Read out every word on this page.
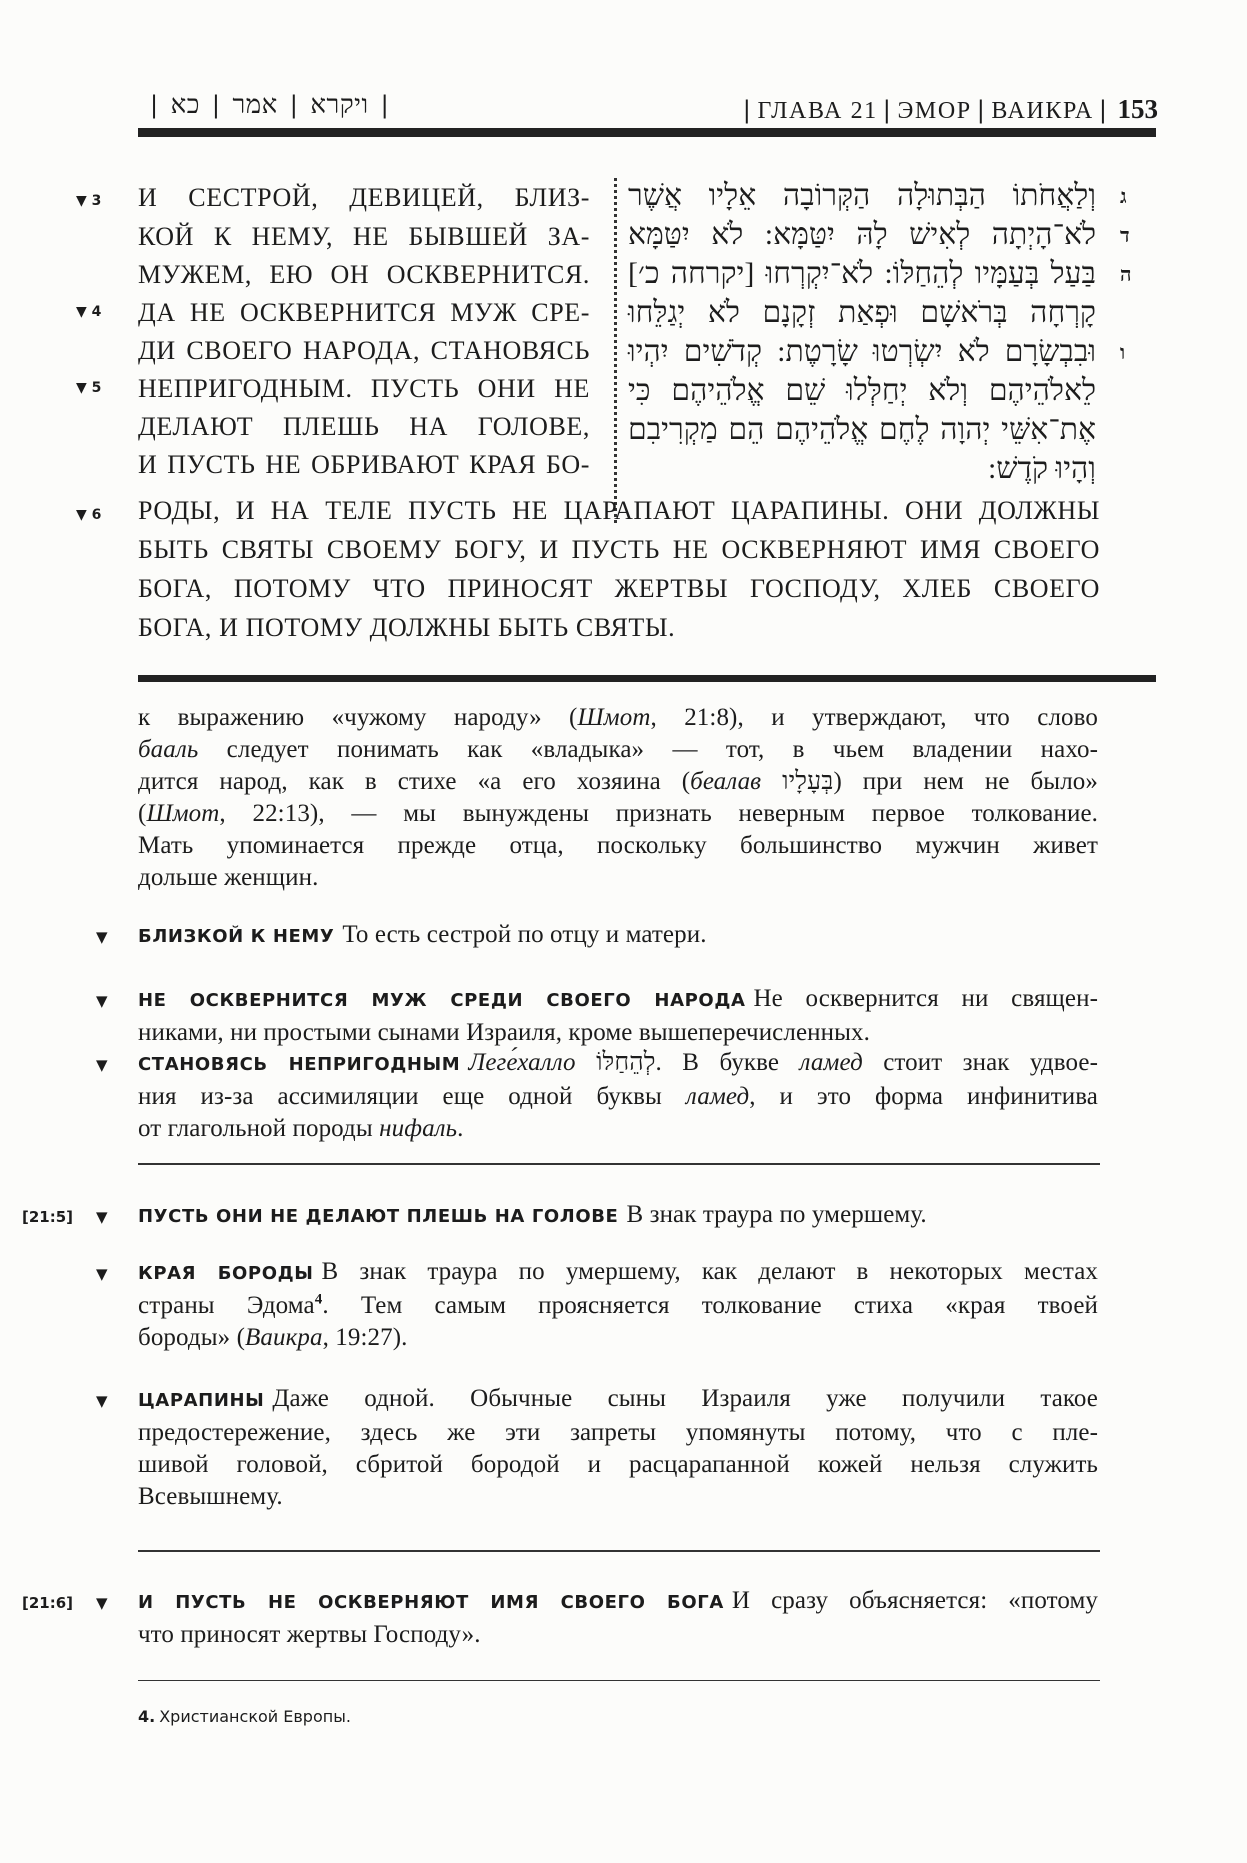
|ויקרא|אמר|כא|	| ГЛАВА 21 | ЭМОР | ВАИКРА | 153
▼ 3
▼ 4
▼ 5
▼ 6
И СЕСТРОЙ, ДЕВИЦЕЙ, БЛИЗ-
КОЙ К НЕМУ, НЕ БЫВШЕЙ ЗА-
МУЖЕМ, ЕЮ ОН ОСКВЕРНИТСЯ.
ДА НЕ ОСКВЕРНИТСЯ МУЖ СРЕ-
ДИ СВОЕГО НАРОДА, СТАНОВЯСЬ
НЕПРИГОДНЫМ. ПУСТЬ ОНИ НЕ
ДЕЛАЮТ ПЛЕШЬ НА ГОЛОВЕ,
И ПУСТЬ НЕ ОБРИВАЮТ КРАЯ БО-
וְלַאֲחֹתוֹ הַבְּתוּלָה הַקְּרוֹבָה אֵלָיו אֲשֶׁר
לֹא־הָיְתָה לְאִישׁ לָהּ יִטַּמָּא: לֹא יִטַּמָּא
בַּעַל בְּעַמָּיו לְהֵחַלּוֹ: לֹא־יִקְרְחוּ [יקרחה כ׳]
קָרְחָה בְּרֹאשָׁם וּפְאַת זְקָנָם לֹא יְגַלֵּחוּ
וּבִבְשָׂרָם לֹא יִשְׂרְטוּ שָׂרָטֶת: קְדֹשִׁים יִהְיוּ
לֵאלֹהֵיהֶם וְלֹא יְחַלְּלוּ שֵׁם אֱלֹהֵיהֶם כִּי
אֶת־אִשֵּׁי יְהוָה לֶחֶם אֱלֹהֵיהֶם הֵם מַקְרִיבִם
וְהָיוּ קֹדֶשׁ:
ג
ד
ה
ו
РОДЫ, И НА ТЕЛЕ ПУСТЬ НЕ ЦАРАПАЮТ ЦАРАПИНЫ. ОНИ ДОЛЖНЫ
БЫТЬ СВЯТЫ СВОЕМУ БОГУ, И ПУСТЬ НЕ ОСКВЕРНЯЮТ ИМЯ СВОЕГО
БОГА, ПОТОМУ ЧТО ПРИНОСЯТ ЖЕРТВЫ ГОСПОДУ, ХЛЕБ СВОЕГО
БОГА, И ПОТОМУ ДОЛЖНЫ БЫТЬ СВЯТЫ.
к выражению «чужому народу» (Шмот, 21:8), и утверждают, что слово
бааль следует понимать как «владыка» — тот, в чьем владении нахо-
дится народ, как в стихе «а его хозяина (беалав בְּעָלָיו) при нем не было»
(Шмот, 22:13), — мы вынуждены признать неверным первое толкование.
Мать упоминается прежде отца, поскольку большинство мужчин живет
дольше женщин.
▼ БЛИЗКОЙ К НЕМУ То есть сестрой по отцу и матери.
▼ НЕ ОСКВЕРНИТСЯ МУЖ СРЕДИ СВОЕГО НАРОДА Не осквернится ни священ-
никами, ни простыми сынами Израиля, кроме вышеперечисленных.
▼ СТАНОВЯСЬ НЕПРИГОДНЫМ Леге́халло לְהֵחַלּוֹ. В букве ламед стоит знак удвое-
ния из-за ассимиляции еще одной буквы ламед, и это форма инфинитива
от глагольной породы нифаль.
[21:5] ▼ ПУСТЬ ОНИ НЕ ДЕЛАЮТ ПЛЕШЬ НА ГОЛОВЕ В знак траура по умершему.
▼ КРАЯ БОРОДЫ В знак траура по умершему, как делают в некоторых местах
страны Эдома$^4$. Тем самым проясняется толкование стиха «края твоей
бороды» (Ваикра, 19:27).
▼ ЦАРАПИНЫ Даже одной. Обычные сыны Израиля уже получили такое
предостережение, здесь же эти запреты упомянуты потому, что с пле-
шивой головой, сбритой бородой и расцарапанной кожей нельзя служить
Всевышнему.
[21:6] ▼ И ПУСТЬ НЕ ОСКВЕРНЯЮТ ИМЯ СВОЕГО БОГА И сразу объясняется: «потому
что приносят жертвы Господу».
4. Христианской Европы.
